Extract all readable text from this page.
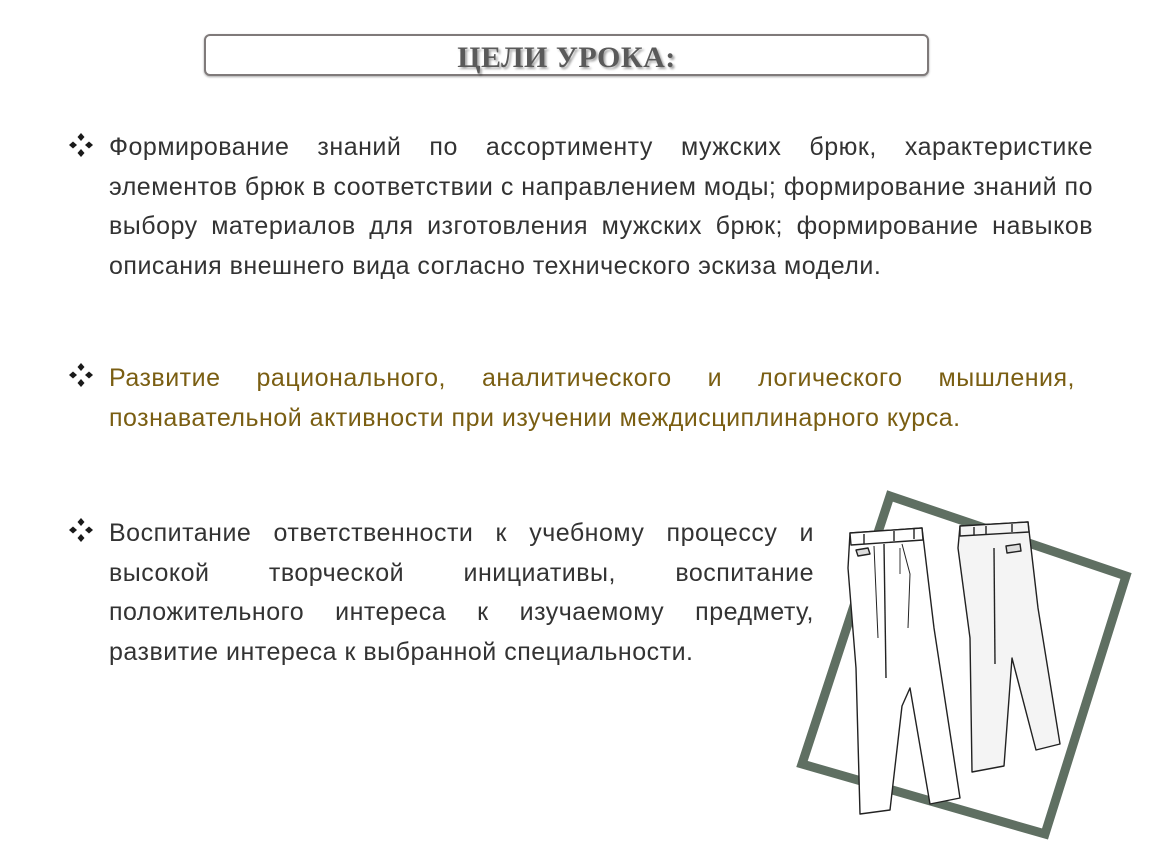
ЦЕЛИ УРОКА:
Формирование знаний по ассортименту мужских брюк, характеристике элементов брюк в соответствии с направлением моды; формирование знаний по выбору материалов для изготовления мужских брюк; формирование навыков описания внешнего вида согласно технического эскиза модели.
Развитие рационального, аналитического и логического мышления, познавательной активности при изучении междисциплинарного курса.
Воспитание ответственности к учебному процессу и высокой творческой инициативы, воспитание положительного интереса к изучаемому предмету, развитие интереса к выбранной специальности.
